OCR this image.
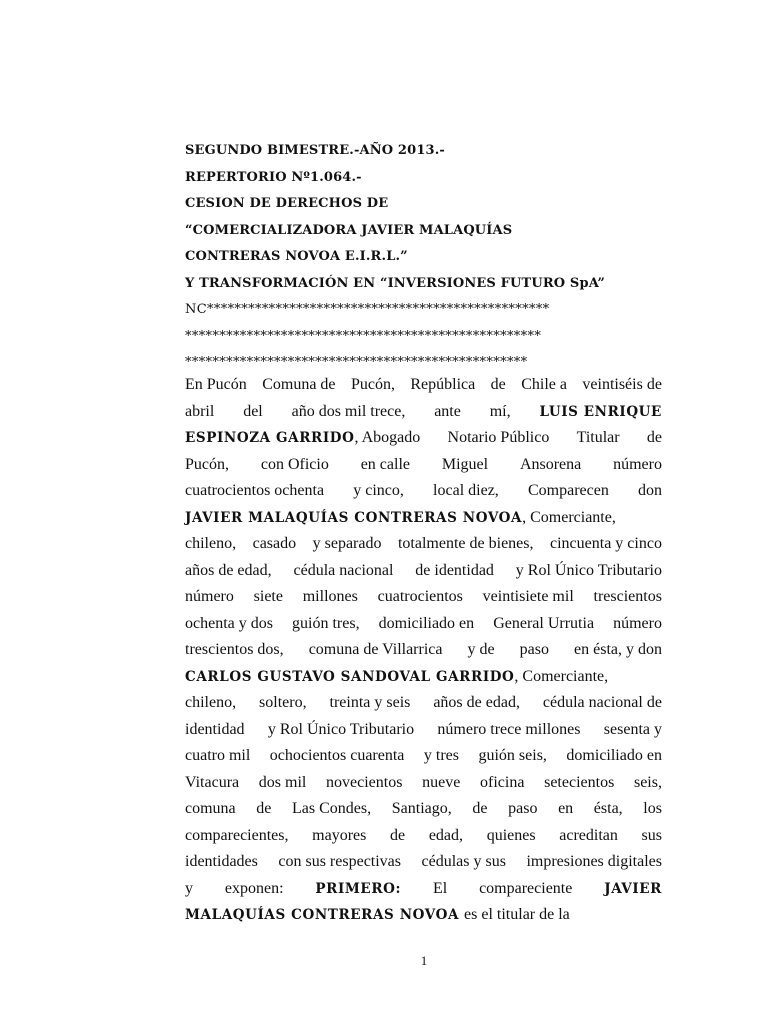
SEGUNDO BIMESTRE.-AÑO 2013.-
REPERTORIO Nº1.064.-
CESION DE DERECHOS DE
“COMERCIALIZADORA JAVIER MALAQUÍAS
CONTRERAS NOVOA E.I.R.L.”
Y TRANSFORMACIÓN EN “INVERSIONES FUTURO SpA”
NC**************************************************
****************************************************
**************************************************
En Pucón Comuna de Pucón, República de Chile a veintiséis de
abril del año dos mil trece, ante mí, LUIS ENRIQUE
ESPINOZA GARRIDO, Abogado Notario Público Titular de
Pucón, con Oficio en calle Miguel Ansorena número
cuatrocientos ochenta y cinco, local diez, Comparecen don
JAVIER MALAQUÍAS CONTRERAS NOVOA, Comerciante,
chileno, casado y separado totalmente de bienes, cincuenta y cinco
años de edad, cédula nacional de identidad y Rol Único Tributario
número siete millones cuatrocientos veintisiete mil trescientos
ochenta y dos guión tres, domiciliado en General Urrutia número
trescientos dos, comuna de Villarrica y de paso en ésta, y don
CARLOS GUSTAVO SANDOVAL GARRIDO, Comerciante,
chileno, soltero, treinta y seis años de edad, cédula nacional de
identidad y Rol Único Tributario número trece millones sesenta y
cuatro mil ochocientos cuarenta y tres guión seis, domiciliado en
Vitacura dos mil novecientos nueve oficina setecientos seis,
comuna de Las Condes, Santiago, de paso en ésta, los
comparecientes, mayores de edad, quienes acreditan sus
identidades con sus respectivas cédulas y sus impresiones digitales
y exponen: PRIMERO: El compareciente JAVIER
MALAQUÍAS CONTRERAS NOVOA es el titular de la
1
